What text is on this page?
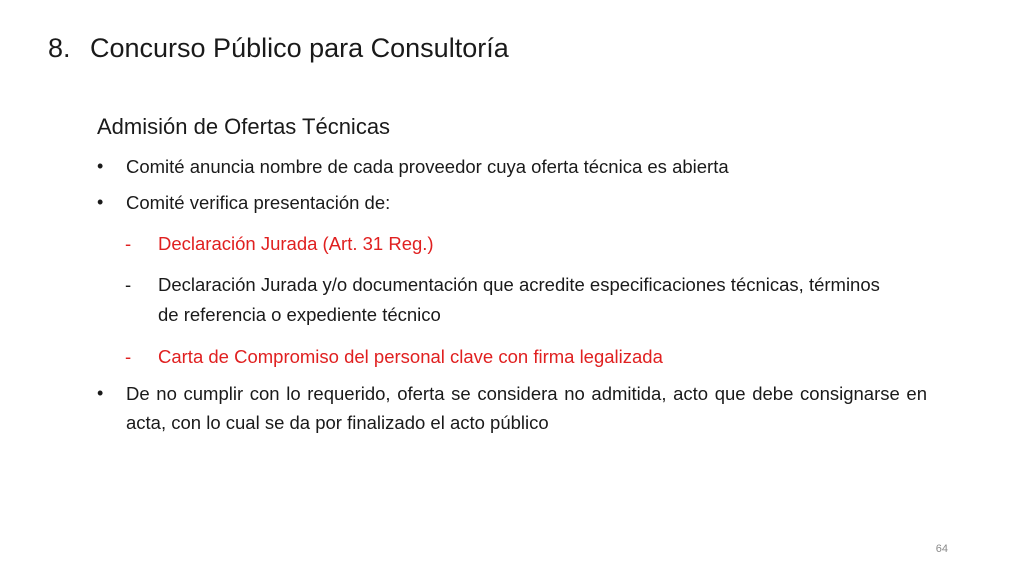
8. Concurso Público para Consultoría
Admisión de Ofertas Técnicas
•	Comité anuncia nombre de cada proveedor cuya oferta técnica es abierta
•	Comité verifica presentación de:
-	Declaración Jurada (Art. 31 Reg.)
-	Declaración Jurada y/o documentación que acredite especificaciones técnicas, términos de referencia o expediente técnico
-	Carta de Compromiso del personal clave con firma legalizada
•	De no cumplir con lo requerido, oferta se considera no admitida, acto que debe consignarse en acta, con lo cual se da por finalizado el acto público
64
